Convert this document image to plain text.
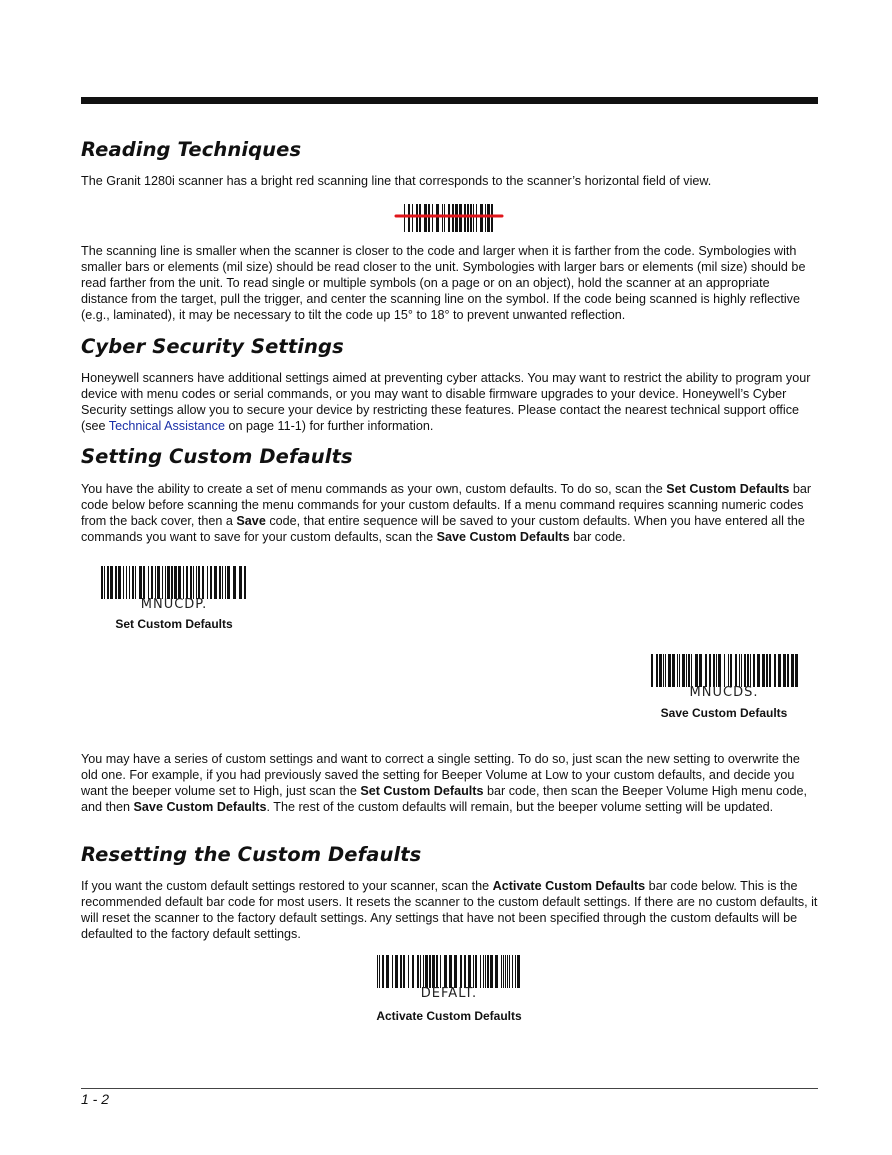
Reading Techniques

The Granit 1280i scanner has a bright red scanning line that corresponds to the scanner’s horizontal field of view.

The scanning line is smaller when the scanner is closer to the code and larger when it is farther from the code. Symbologies with smaller bars or elements (mil size) should be read closer to the unit. Symbologies with larger bars or elements (mil size) should be read farther from the unit. To read single or multiple symbols (on a page or on an object), hold the scanner at an appropriate distance from the target, pull the trigger, and center the scanning line on the symbol. If the code being scanned is highly reflective (e.g., laminated), it may be necessary to tilt the code up 15° to 18° to prevent unwanted reflection.

Cyber Security Settings

Honeywell scanners have additional settings aimed at preventing cyber attacks. You may want to restrict the ability to program your device with menu codes or serial commands, or you may want to disable firmware upgrades to your device. Honeywell’s Cyber Security settings allow you to secure your device by restricting these features. Please contact the nearest technical support office (see Technical Assistance on page 11-1) for further information.

Setting Custom Defaults

You have the ability to create a set of menu commands as your own, custom defaults. To do so, scan the Set Custom Defaults bar code below before scanning the menu commands for your custom defaults. If a menu command requires scanning numeric codes from the back cover, then a Save code, that entire sequence will be saved to your custom defaults. When you have entered all the commands you want to save for your custom defaults, scan the Save Custom Defaults bar code.

MNUCDP.
Set Custom Defaults
MNUCDS.
Save Custom Defaults

You may have a series of custom settings and want to correct a single setting. To do so, just scan the new setting to overwrite the old one. For example, if you had previously saved the setting for Beeper Volume at Low to your custom defaults, and decide you want the beeper volume set to High, just scan the Set Custom Defaults bar code, then scan the Beeper Volume High menu code, and then Save Custom Defaults. The rest of the custom defaults will remain, but the beeper volume setting will be updated.

Resetting the Custom Defaults

If you want the custom default settings restored to your scanner, scan the Activate Custom Defaults bar code below. This is the recommended default bar code for most users. It resets the scanner to the custom default settings. If there are no custom defaults, it will reset the scanner to the factory default settings. Any settings that have not been specified through the custom defaults will be defaulted to the factory default settings.

DEFALT.
Activate Custom Defaults
1 - 2
